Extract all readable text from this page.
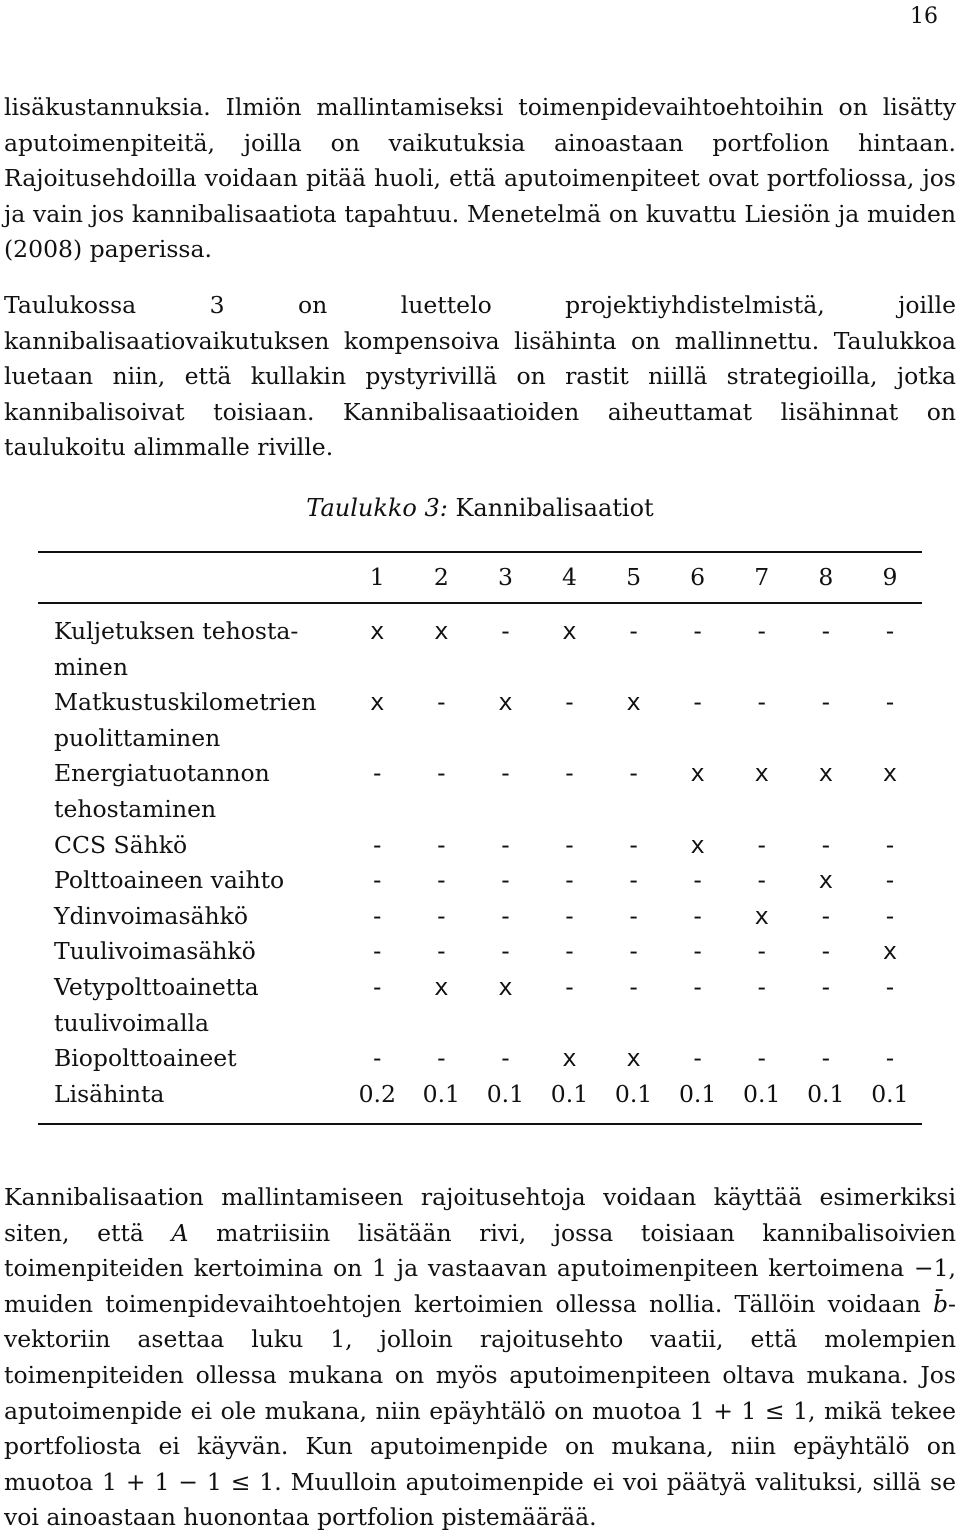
16

lisäkustannuksia. Ilmiön mallintamiseksi toimenpidevaihtoehtoihin on lisätty aputoimenpiteitä, joilla on vaikutuksia ainoastaan portfolion hintaan. Rajoitusehdoilla voidaan pitää huoli, että aputoimenpiteet ovat portfoliossa, jos ja vain jos kannibalisaatiota tapahtuu. Menetelmä on kuvattu Liesiön ja muiden (2008) paperissa.

Taulukossa 3 on luettelo projektiyhdistelmistä, joille kannibalisaatiovaikutuksen kompensoiva lisähinta on mallinnettu. Taulukkoa luetaan niin, että kullakin pystyrivillä on rastit niillä strategioilla, jotka kannibalisoivat toisiaan. Kannibalisaatioiden aiheuttamat lisähinnat on taulukoitu alimmalle riville.

Taulukko 3: Kannibalisaatiot
	1	2	3	4	5	6	7	8	9
Kuljetuksen tehosta-minen	x	x	-	x	-	-	-	-	-
Matkustuskilometrien puolittaminen	x	-	x	-	x	-	-	-	-
Energiatuotannon tehostaminen	-	-	-	-	-	x	x	x	x
CCS Sähkö	-	-	-	-	-	x	-	-	-
Polttoaineen vaihto	-	-	-	-	-	-	-	x	-
Ydinvoimasähkö	-	-	-	-	-	-	x	-	-
Tuulivoimasähkö	-	-	-	-	-	-	-	-	x
Vetypolttoainetta tuulivoimalla	-	x	x	-	-	-	-	-	-
Biopolttoaineet	-	-	-	x	x	-	-	-	-
Lisähinta	0.2	0.1	0.1	0.1	0.1	0.1	0.1	0.1	0.1

Kannibalisaation mallintamiseen rajoitusehtoja voidaan käyttää esimerkiksi siten, että A matriisiin lisätään rivi, jossa toisiaan kannibalisoivien toimenpiteiden kertoimina on 1 ja vastaavan aputoimenpiteen kertoimena −1, muiden toimenpidevaihtoehtojen kertoimien ollessa nollia. Tällöin voidaan b̄-vektoriin asettaa luku 1, jolloin rajoitusehto vaatii, että molempien toimenpiteiden ollessa mukana on myös aputoimenpiteen oltava mukana. Jos aputoimenpide ei ole mukana, niin epäyhtälö on muotoa 1 + 1 ≤ 1, mikä tekee portfoliosta ei käyvän. Kun aputoimenpide on mukana, niin epäyhtälö on muotoa 1 + 1 − 1 ≤ 1. Muulloin aputoimenpide ei voi päätyä valituksi, sillä se voi ainoastaan huonontaa portfolion pistemäärää.
